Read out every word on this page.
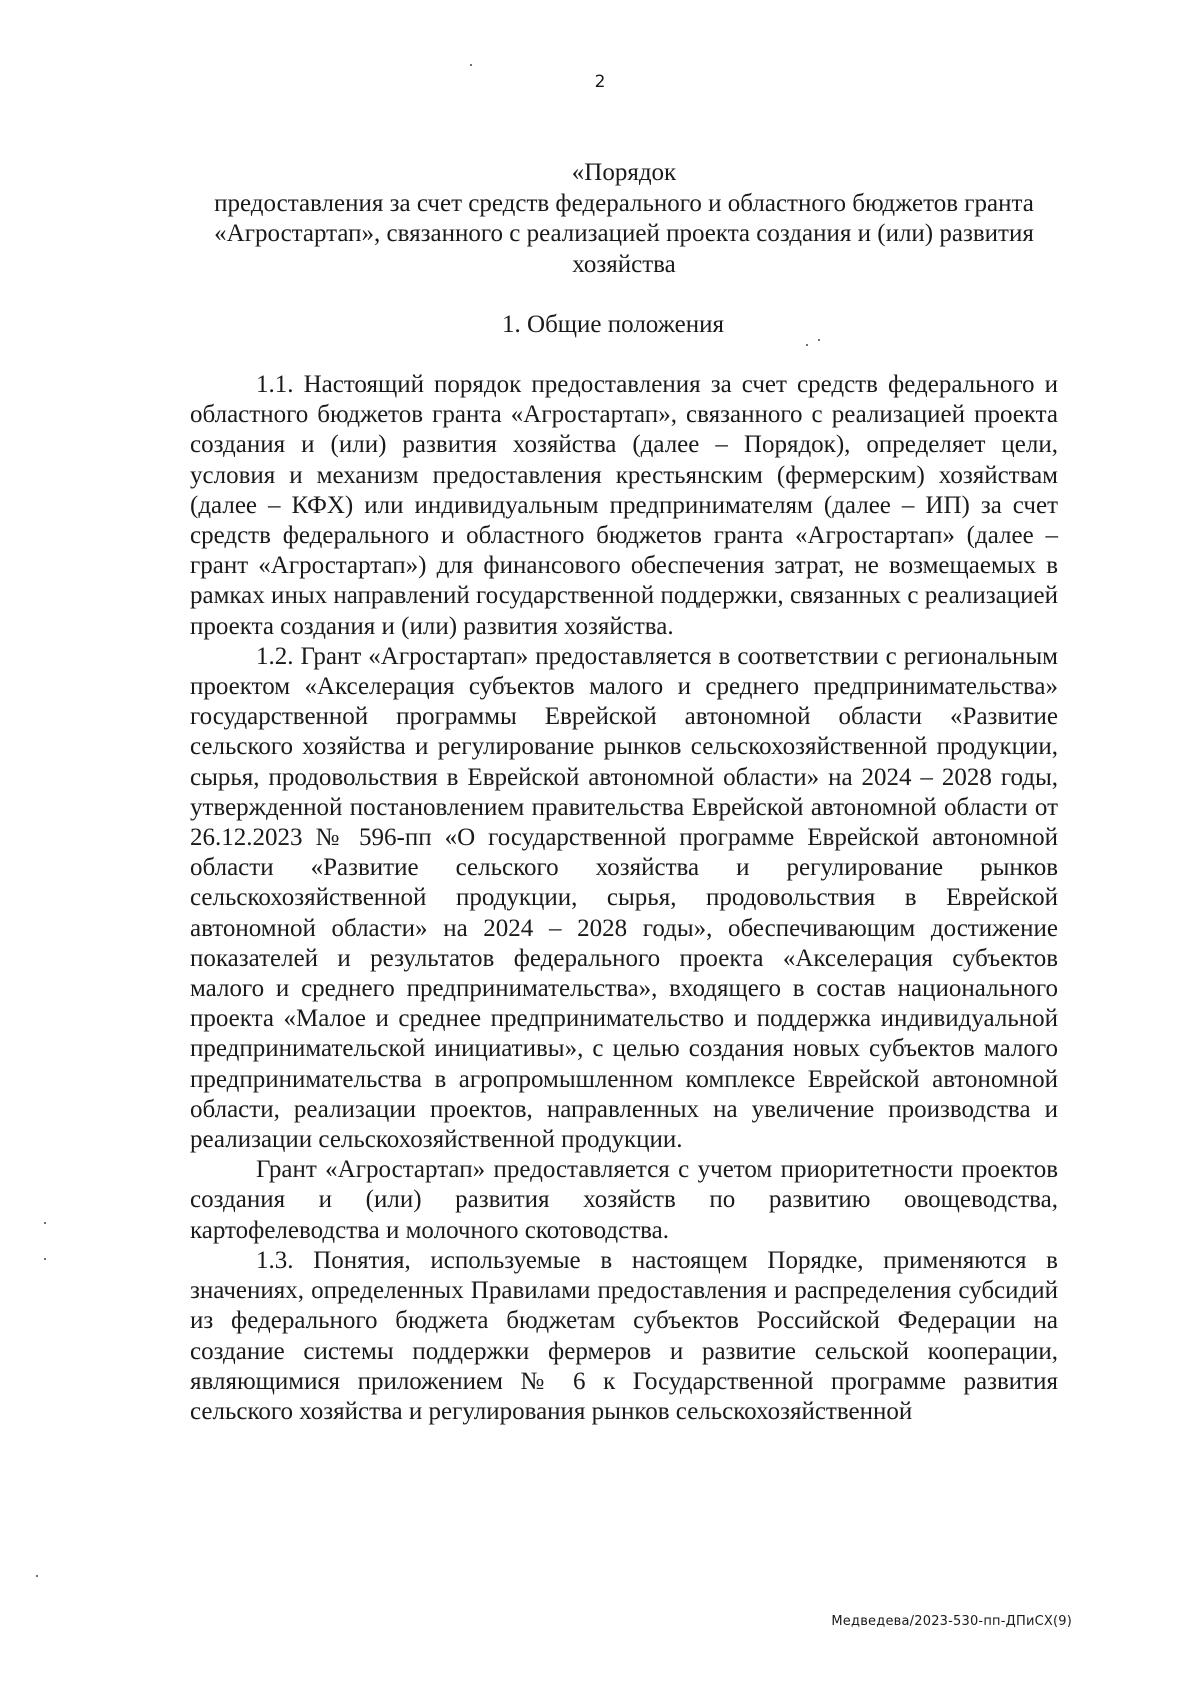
2
«Порядок
предоставления за счет средств федерального и областного бюджетов гранта
«Агростартап», связанного с реализацией проекта создания и (или) развития
хозяйства
1. Общие положения

1.1. Настоящий порядок предоставления за счет средств федерального и областного бюджетов гранта «Агростартап», связанного с реализацией проекта создания и (или) развития хозяйства (далее – Порядок), определяет цели, условия и механизм предоставления крестьянским (фермерским) хозяйствам (далее – КФХ) или индивидуальным предпринимателям (далее – ИП) за счет средств федерального и областного бюджетов гранта «Агростартап» (далее – грант «Агростартап») для финансового обеспечения затрат, не возмещаемых в рамках иных направлений государственной поддержки, связанных с реализацией проекта создания и (или) развития хозяйства.

1.2. Грант «Агростартап» предоставляется в соответствии с региональным проектом «Акселерация субъектов малого и среднего предпринимательства» государственной программы Еврейской автономной области «Развитие сельского хозяйства и регулирование рынков сельскохозяйственной продукции, сырья, продовольствия в Еврейской автономной области» на 2024 – 2028 годы, утвержденной постановлением правительства Еврейской автономной области от 26.12.2023 № 596-пп «О государственной программе Еврейской автономной области «Развитие сельского хозяйства и регулирование рынков сельскохозяйственной продукции, сырья, продовольствия в Еврейской автономной области» на 2024 – 2028 годы», обеспечивающим достижение показателей и результатов федерального проекта «Акселерация субъектов малого и среднего предпринимательства», входящего в состав национального проекта «Малое и среднее предпринимательство и поддержка индивидуальной предпринимательской инициативы», с целью создания новых субъектов малого предпринимательства в агропромышленном комплексе Еврейской автономной области, реализации проектов, направленных на увеличение производства и реализации сельскохозяйственной продукции.

Грант «Агростартап» предоставляется с учетом приоритетности проектов создания и (или) развития хозяйств по развитию овощеводства, картофелеводства и молочного скотоводства.

1.3. Понятия, используемые в настоящем Порядке, применяются в значениях, определенных Правилами предоставления и распределения субсидий из федерального бюджета бюджетам субъектов Российской Федерации на создание системы поддержки фермеров и развитие сельской кооперации, являющимися приложением № 6 к Государственной программе развития сельского хозяйства и регулирования рынков сельскохозяйственной

Медведева/2023-530-пп-ДПиСХ(9)
